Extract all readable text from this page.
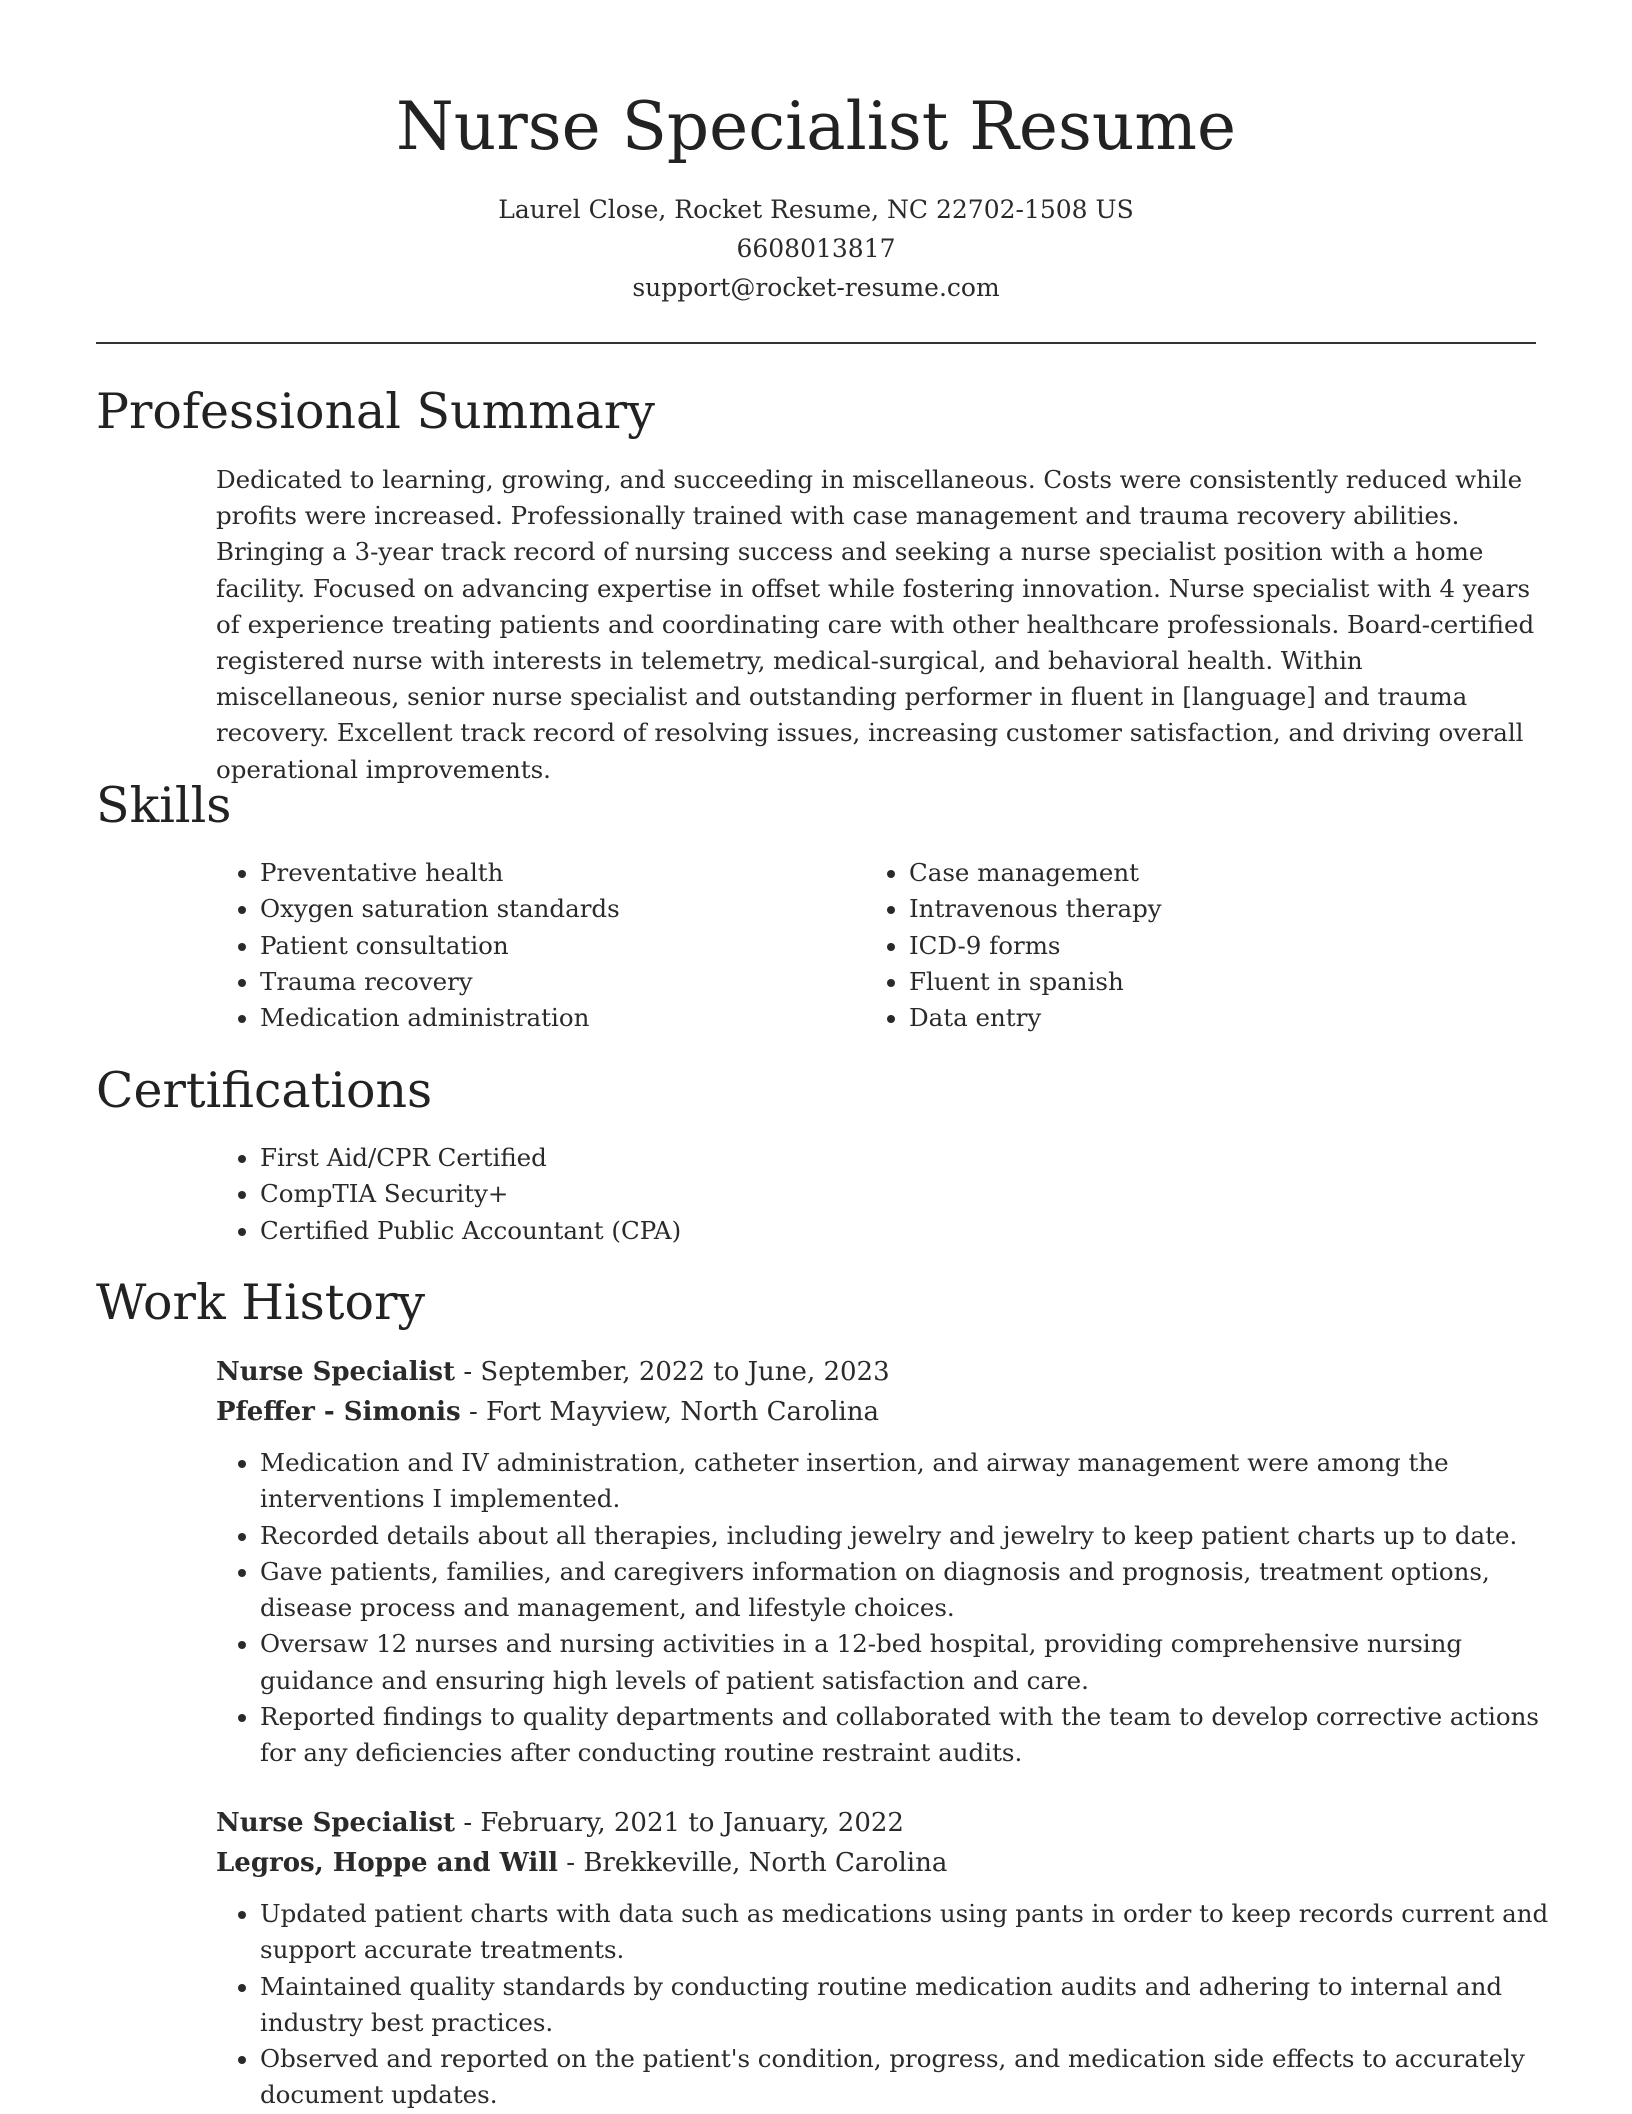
Nurse Specialist Resume
Laurel Close, Rocket Resume, NC 22702-1508 US
6608013817
support@rocket-resume.com
Professional Summary

Dedicated to learning, growing, and succeeding in miscellaneous. Costs were consistently reduced while profits were increased. Professionally trained with case management and trauma recovery abilities. Bringing a 3-year track record of nursing success and seeking a nurse specialist position with a home facility. Focused on advancing expertise in offset while fostering innovation. Nurse specialist with 4 years of experience treating patients and coordinating care with other healthcare professionals. Board-certified registered nurse with interests in telemetry, medical-surgical, and behavioral health. Within miscellaneous, senior nurse specialist and outstanding performer in fluent in [language] and trauma recovery. Excellent track record of resolving issues, increasing customer satisfaction, and driving overall operational improvements.

Skills
• Preventative health
• Oxygen saturation standards
• Patient consultation
• Trauma recovery
• Medication administration
• Case management
• Intravenous therapy
• ICD-9 forms
• Fluent in spanish
• Data entry
Certifications
• First Aid/CPR Certified
• CompTIA Security+
• Certified Public Accountant (CPA)
Work History
Nurse Specialist - September, 2022 to June, 2023
Pfeffer - Simonis - Fort Mayview, North Carolina
• Medication and IV administration, catheter insertion, and airway management were among the interventions I implemented.
• Recorded details about all therapies, including jewelry and jewelry to keep patient charts up to date.
• Gave patients, families, and caregivers information on diagnosis and prognosis, treatment options, disease process and management, and lifestyle choices.
• Oversaw 12 nurses and nursing activities in a 12-bed hospital, providing comprehensive nursing guidance and ensuring high levels of patient satisfaction and care.
• Reported findings to quality departments and collaborated with the team to develop corrective actions for any deficiencies after conducting routine restraint audits.
Nurse Specialist - February, 2021 to January, 2022
Legros, Hoppe and Will - Brekkeville, North Carolina
• Updated patient charts with data such as medications using pants in order to keep records current and support accurate treatments.
• Maintained quality standards by conducting routine medication audits and adhering to internal and industry best practices.
• Observed and reported on the patient's condition, progress, and medication side effects to accurately document updates.
